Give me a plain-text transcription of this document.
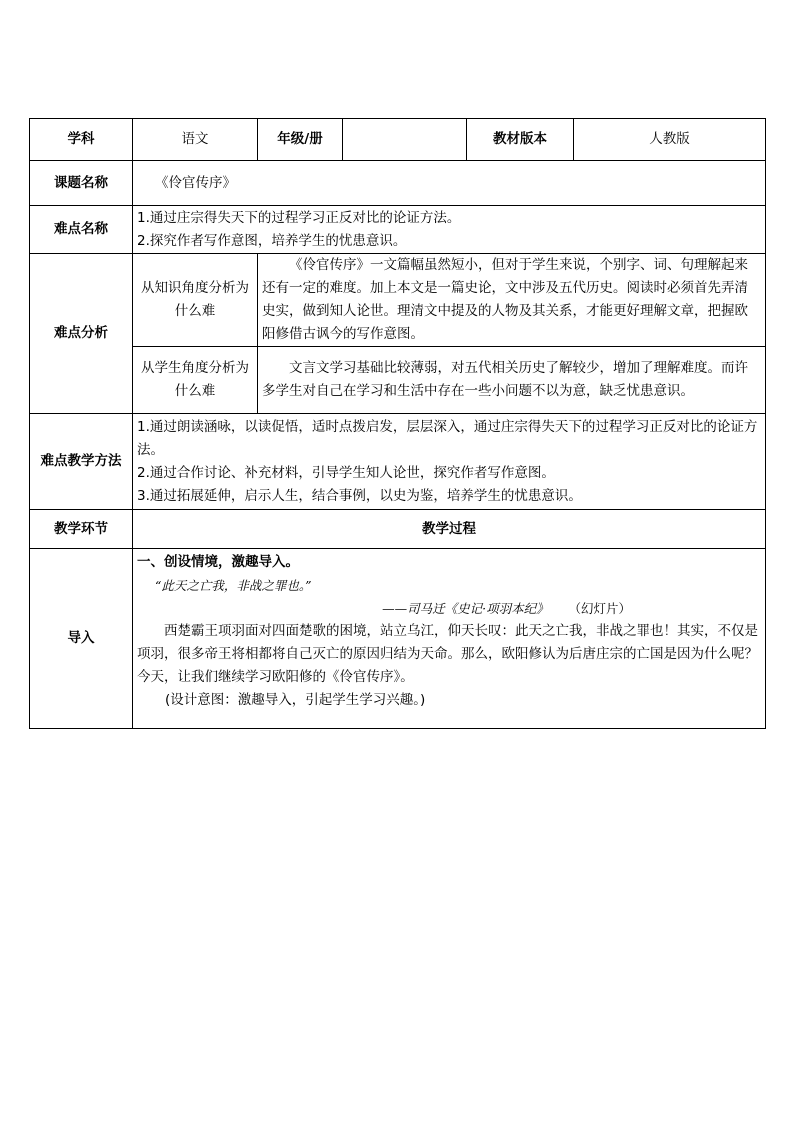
学科	语文	年级/册		教材版本	人教版
课题名称	《伶官传序》				
难点名称	1.通过庄宗得失天下的过程学习正反对比的论证方法。
2.探究作者写作意图，培养学生的忧患意识。				

难点分析	从知识角度分析为什么难	《伶官传序》一文篇幅虽然短小，但对于学生来说，个别字、词、句理解起来还有一定的难度。加上本文是一篇史论，文中涉及五代历史。阅读时必须首先弄清史实，做到知人论世。理清文中提及的人物及其关系，才能更好理解文章，把握欧阳修借古讽今的写作意图。			
	从学生角度分析为什么难	文言文学习基础比较薄弱，对五代相关历史了解较少，增加了理解难度。而许多学生对自己在学习和生活中存在一些小问题不以为意，缺乏忧患意识。			
难点教学方法	1.通过朗读涵咏，以读促悟，适时点拨启发，层层深入，通过庄宗得失天下的过程学习正反对比的论证方法。
2.通过合作讨论、补充材料，引导学生知人论世，探究作者写作意图。
3.通过拓展延伸，启示人生，结合事例，以史为鉴，培养学生的忧患意识。				

教学环节	教学过程				
导入	一、创设情境，激趣导入。
“此天之亡我，非战之罪也。”
——司马迁《史记·项羽本纪》 （幻灯片）
西楚霸王项羽面对四面楚歌的困境，站立乌江，仰天长叹：此天之亡我，非战之罪也！其实，不仅是项羽，很多帝王将相都将自己灭亡的原因归结为天命。那么，欧阳修认为后唐庄宗的亡国是因为什么呢？今天，让我们继续学习欧阳修的《伶官传序》。
(设计意图：激趣导入，引起学生学习兴趣。)				
